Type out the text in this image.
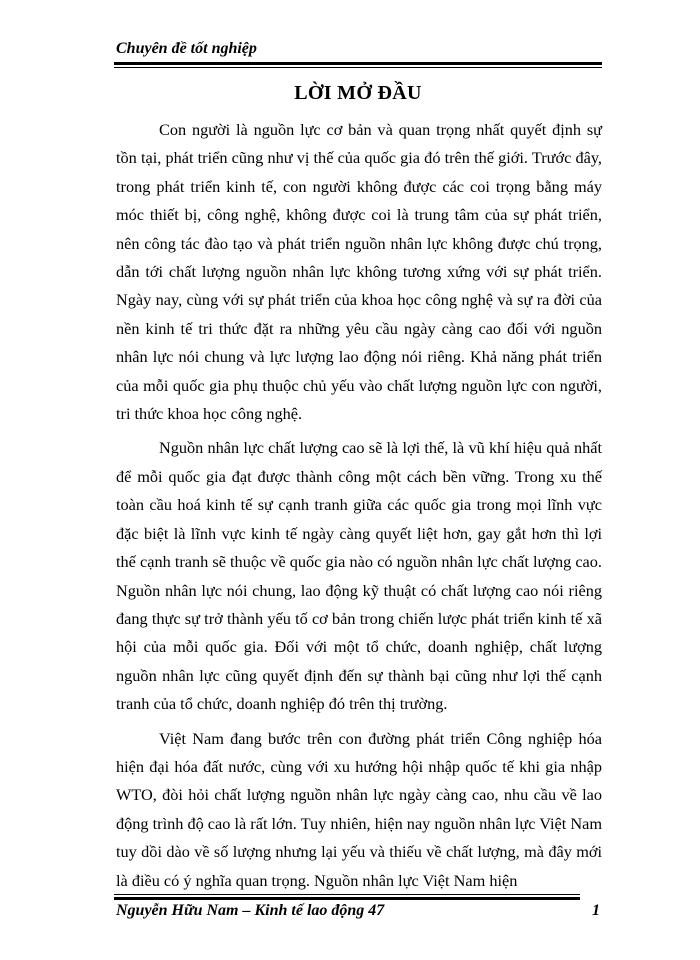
Chuyên đề tốt nghiệp
LỜI MỞ ĐẦU

Con người là nguồn lực cơ bản và quan trọng nhất quyết định sự tồn tại, phát triển cũng như vị thế của quốc gia đó trên thế giới. Trước đây, trong phát triển kinh tế, con người không được các coi trọng bằng máy móc thiết bị, công nghệ, không được coi là trung tâm của sự phát triển, nên công tác đào tạo và phát triển nguồn nhân lực không được chú trọng, dẫn tới chất lượng nguồn nhân lực không tương xứng với sự phát triển. Ngày nay, cùng với sự phát triển của khoa học công nghệ và sự ra đời của nền kinh tế tri thức đặt ra những yêu cầu ngày càng cao đối với nguồn nhân lực nói chung và lực lượng lao động nói riêng. Khả năng phát triển của mỗi quốc gia phụ thuộc chủ yếu vào chất lượng nguồn lực con người, tri thức khoa học công nghệ.

Nguồn nhân lực chất lượng cao sẽ là lợi thế, là vũ khí hiệu quả nhất để mỗi quốc gia đạt được thành công một cách bền vững. Trong xu thế toàn cầu hoá kinh tế sự cạnh tranh giữa các quốc gia trong mọi lĩnh vực đặc biệt là lĩnh vực kinh tế ngày càng quyết liệt hơn, gay gắt hơn thì lợi thế cạnh tranh sẽ thuộc về quốc gia nào có nguồn nhân lực chất lượng cao. Nguồn nhân lực nói chung, lao động kỹ thuật có chất lượng cao nói riêng đang thực sự trở thành yếu tố cơ bản trong chiến lược phát triển kinh tế xã hội của mỗi quốc gia. Đối với một tổ chức, doanh nghiệp, chất lượng nguồn nhân lực cũng quyết định đến sự thành bại cũng như lợi thế cạnh tranh của tổ chức, doanh nghiệp đó trên thị trường.

Việt Nam đang bước trên con đường phát triển Công nghiệp hóa hiện đại hóa đất nước, cùng với xu hướng hội nhập quốc tế khi gia nhập WTO, đòi hỏi chất lượng nguồn nhân lực ngày càng cao, nhu cầu về lao động trình độ cao là rất lớn. Tuy nhiên, hiện nay nguồn nhân lực Việt Nam tuy dồi dào về số lượng nhưng lại yếu và thiếu về chất lượng, mà đây mới là điều có ý nghĩa quan trọng. Nguồn nhân lực Việt Nam hiện

Nguyễn Hữu Nam – Kinh tế lao động 47	1
